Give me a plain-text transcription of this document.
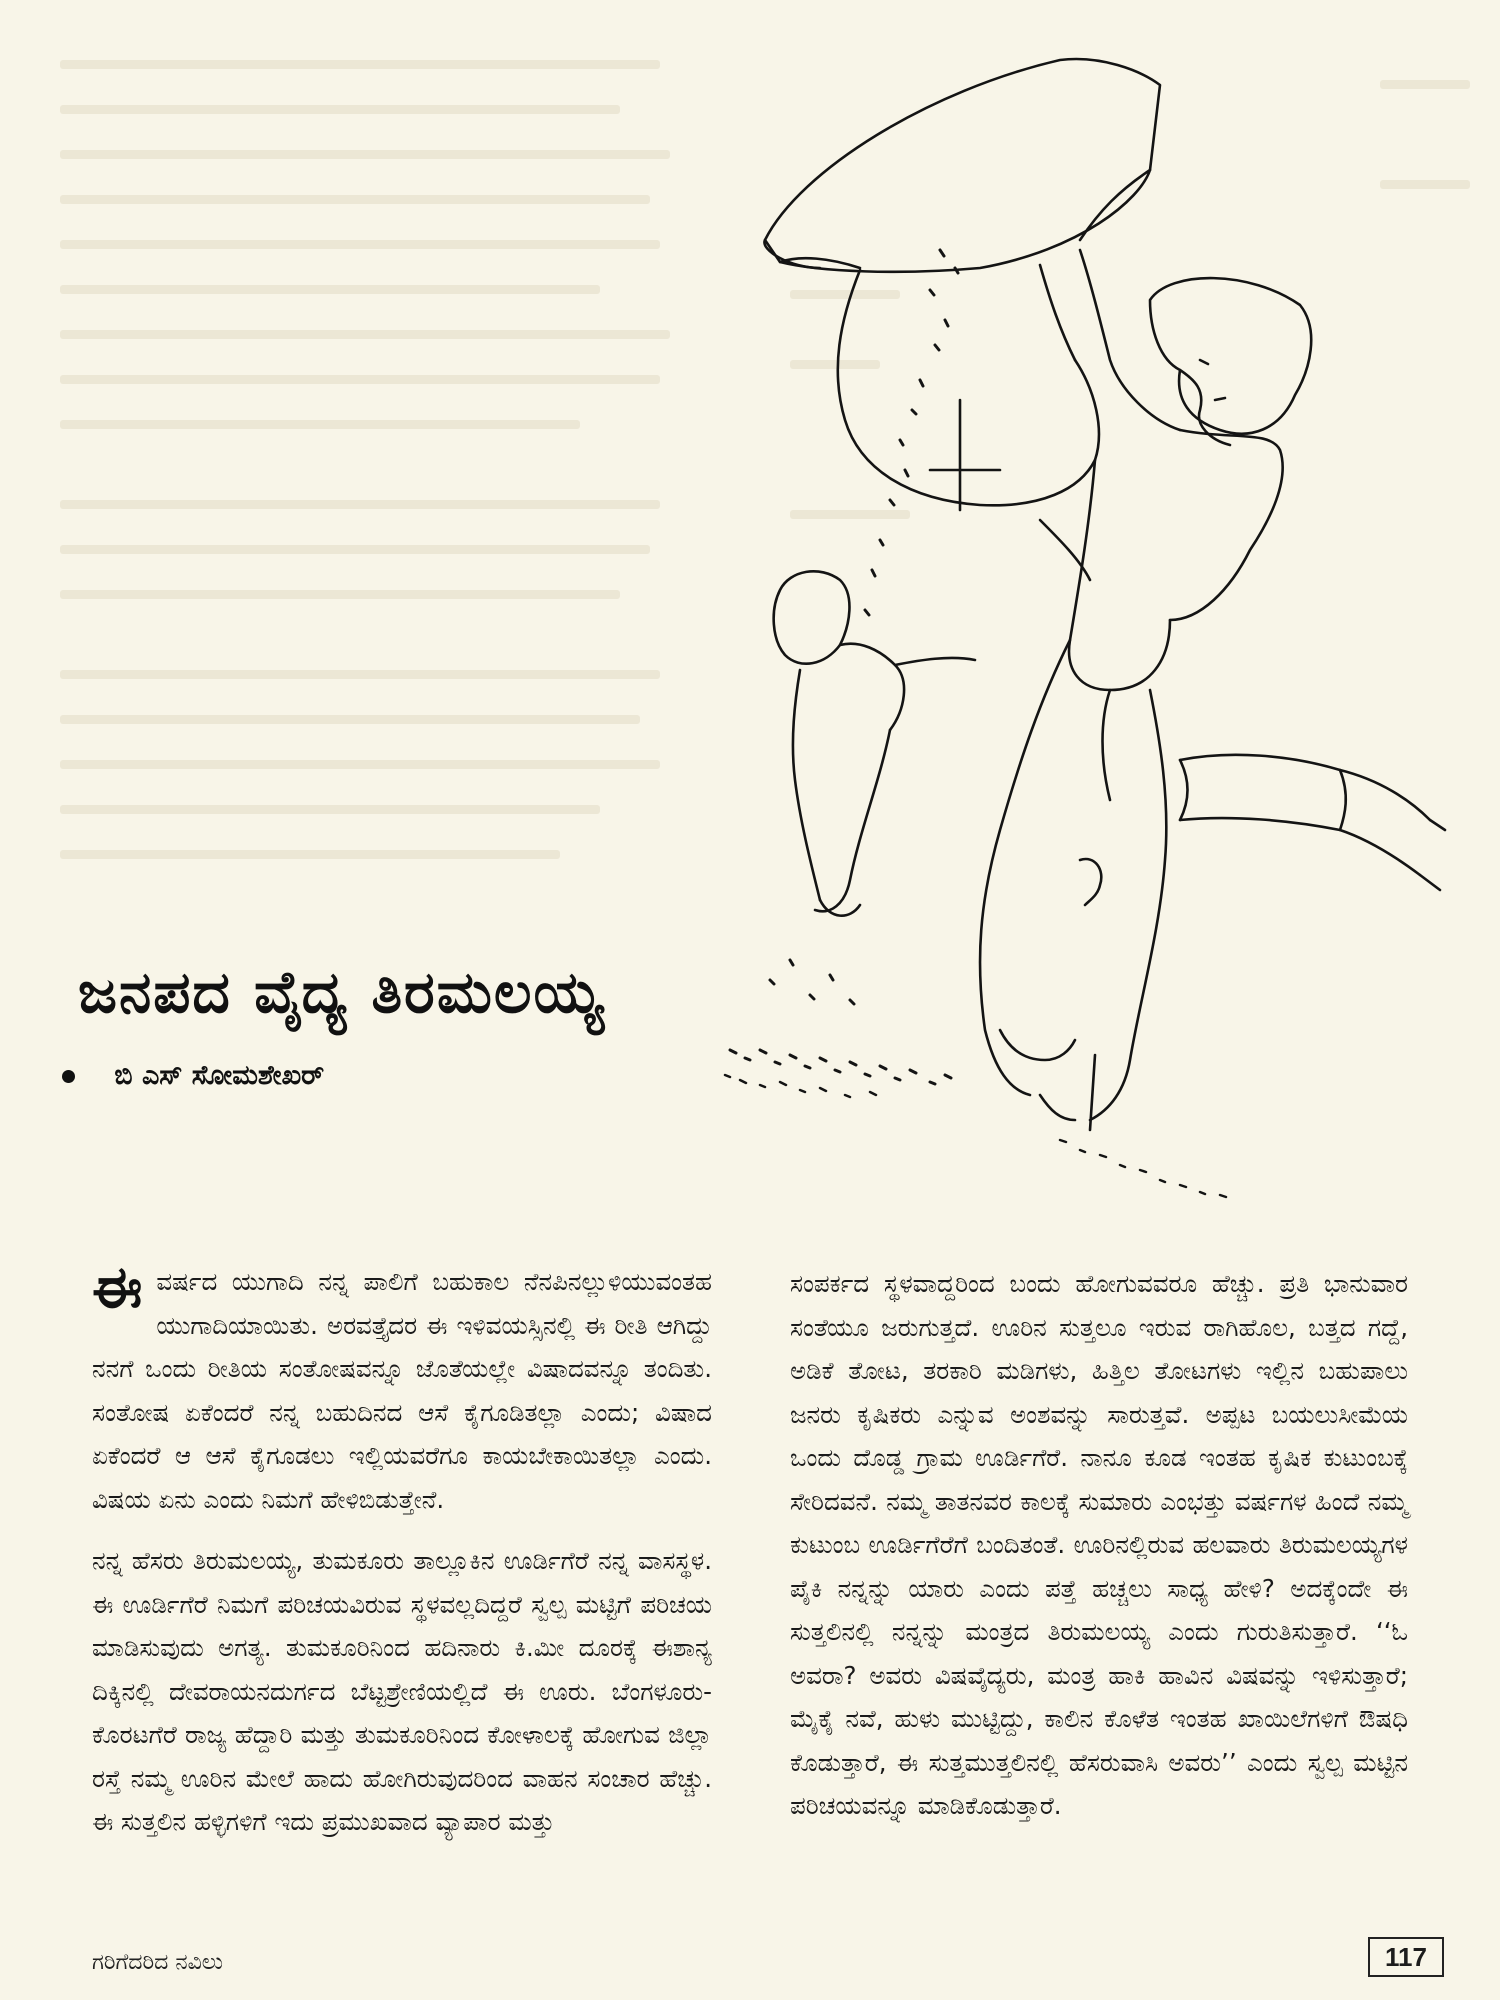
ಜನಪದ ವೈದ್ಯ ತಿರಮಲಯ್ಯ
ಬಿ ಎಸ್ ಸೋಮಶೇಖರ್

ಈ ವರ್ಷದ ಯುಗಾದಿ ನನ್ನ ಪಾಲಿಗೆ ಬಹುಕಾಲ ನೆನಪಿನಲ್ಲುಳಿಯುವಂತಹ ಯುಗಾದಿಯಾಯಿತು. ಅರವತ್ತೈದರ ಈ ಇಳಿವಯಸ್ಸಿನಲ್ಲಿ ಈ ರೀತಿ ಆಗಿದ್ದು ನನಗೆ ಒಂದು ರೀತಿಯ ಸಂತೋಷವನ್ನೂ ಜೊತೆಯಲ್ಲೇ ವಿಷಾದವನ್ನೂ ತಂದಿತು. ಸಂತೋಷ ಏಕೆಂದರೆ ನನ್ನ ಬಹುದಿನದ ಆಸೆ ಕೈಗೂಡಿತಲ್ಲಾ ಎಂದು; ವಿಷಾದ ಏಕೆಂದರೆ ಆ ಆಸೆ ಕೈಗೂಡಲು ಇಲ್ಲಿಯವರೆಗೂ ಕಾಯಬೇಕಾಯಿತಲ್ಲಾ ಎಂದು. ವಿಷಯ ಏನು ಎಂದು ನಿಮಗೆ ಹೇಳಿಬಿಡುತ್ತೇನೆ.

ನನ್ನ ಹೆಸರು ತಿರುಮಲಯ್ಯ, ತುಮಕೂರು ತಾಲ್ಲೂಕಿನ ಊರ್ಡಿಗೆರೆ ನನ್ನ ವಾಸಸ್ಥಳ. ಈ ಊರ್ಡಿಗೆರೆ ನಿಮಗೆ ಪರಿಚಯವಿರುವ ಸ್ಥಳವಲ್ಲದಿದ್ದರೆ ಸ್ವಲ್ಪ ಮಟ್ಟಿಗೆ ಪರಿಚಯ ಮಾಡಿಸುವುದು ಅಗತ್ಯ. ತುಮಕೂರಿನಿಂದ ಹದಿನಾರು ಕಿ.ಮೀ ದೂರಕ್ಕೆ ಈಶಾನ್ಯ ದಿಕ್ಕಿನಲ್ಲಿ ದೇವರಾಯನದುರ್ಗದ ಬೆಟ್ಟಶ್ರೇಣಿಯಲ್ಲಿದೆ ಈ ಊರು. ಬೆಂಗಳೂರು-ಕೊರಟಗೆರೆ ರಾಜ್ಯ ಹೆದ್ದಾರಿ ಮತ್ತು ತುಮಕೂರಿನಿಂದ ಕೋಳಾಲಕ್ಕೆ ಹೋಗುವ ಜಿಲ್ಲಾ ರಸ್ತೆ ನಮ್ಮ ಊರಿನ ಮೇಲೆ ಹಾದು ಹೋಗಿರುವುದರಿಂದ ವಾಹನ ಸಂಚಾರ ಹೆಚ್ಚು. ಈ ಸುತ್ತಲಿನ ಹಳ್ಳಿಗಳಿಗೆ ಇದು ಪ್ರಮುಖವಾದ ವ್ಯಾಪಾರ ಮತ್ತು

ಸಂಪರ್ಕದ ಸ್ಥಳವಾದ್ದರಿಂದ ಬಂದು ಹೋಗುವವರೂ ಹೆಚ್ಚು. ಪ್ರತಿ ಭಾನುವಾರ ಸಂತೆಯೂ ಜರುಗುತ್ತದೆ. ಊರಿನ ಸುತ್ತಲೂ ಇರುವ ರಾಗಿಹೊಲ, ಬತ್ತದ ಗದ್ದೆ, ಅಡಿಕೆ ತೋಟ, ತರಕಾರಿ ಮಡಿಗಳು, ಹಿತ್ತಿಲ ತೋಟಗಳು ಇಲ್ಲಿನ ಬಹುಪಾಲು ಜನರು ಕೃಷಿಕರು ಎನ್ನುವ ಅಂಶವನ್ನು ಸಾರುತ್ತವೆ. ಅಪ್ಪಟ ಬಯಲುಸೀಮೆಯ ಒಂದು ದೊಡ್ಡ ಗ್ರಾಮ ಊರ್ಡಿಗೆರೆ. ನಾನೂ ಕೂಡ ಇಂತಹ ಕೃಷಿಕ ಕುಟುಂಬಕ್ಕೆ ಸೇರಿದವನೆ. ನಮ್ಮ ತಾತನವರ ಕಾಲಕ್ಕೆ ಸುಮಾರು ಎಂಭತ್ತು ವರ್ಷಗಳ ಹಿಂದೆ ನಮ್ಮ ಕುಟುಂಬ ಊರ್ಡಿಗೆರೆಗೆ ಬಂದಿತಂತೆ. ಊರಿನಲ್ಲಿರುವ ಹಲವಾರು ತಿರುಮಲಯ್ಯಗಳ ಪೈಕಿ ನನ್ನನ್ನು ಯಾರು ಎಂದು ಪತ್ತೆ ಹಚ್ಚಲು ಸಾಧ್ಯ ಹೇಳಿ? ಅದಕ್ಕೆಂದೇ ಈ ಸುತ್ತಲಿನಲ್ಲಿ ನನ್ನನ್ನು ಮಂತ್ರದ ತಿರುಮಲಯ್ಯ ಎಂದು ಗುರುತಿಸುತ್ತಾರೆ. ‘‘ಓ ಅವರಾ? ಅವರು ವಿಷವೈದ್ಯರು, ಮಂತ್ರ ಹಾಕಿ ಹಾವಿನ ವಿಷವನ್ನು ಇಳಿಸುತ್ತಾರೆ; ಮೈಕೈ ನವೆ, ಹುಳು ಮುಟ್ಟಿದ್ದು, ಕಾಲಿನ ಕೊಳೆತ ಇಂತಹ ಖಾಯಿಲೆಗಳಿಗೆ ಔಷಧಿ ಕೊಡುತ್ತಾರೆ, ಈ ಸುತ್ತಮುತ್ತಲಿನಲ್ಲಿ ಹೆಸರುವಾಸಿ ಅವರು’’ ಎಂದು ಸ್ವಲ್ಪ ಮಟ್ಟಿನ ಪರಿಚಯವನ್ನೂ ಮಾಡಿಕೊಡುತ್ತಾರೆ.

ಗರಿಗೆದರಿದ ನವಿಲು	117
